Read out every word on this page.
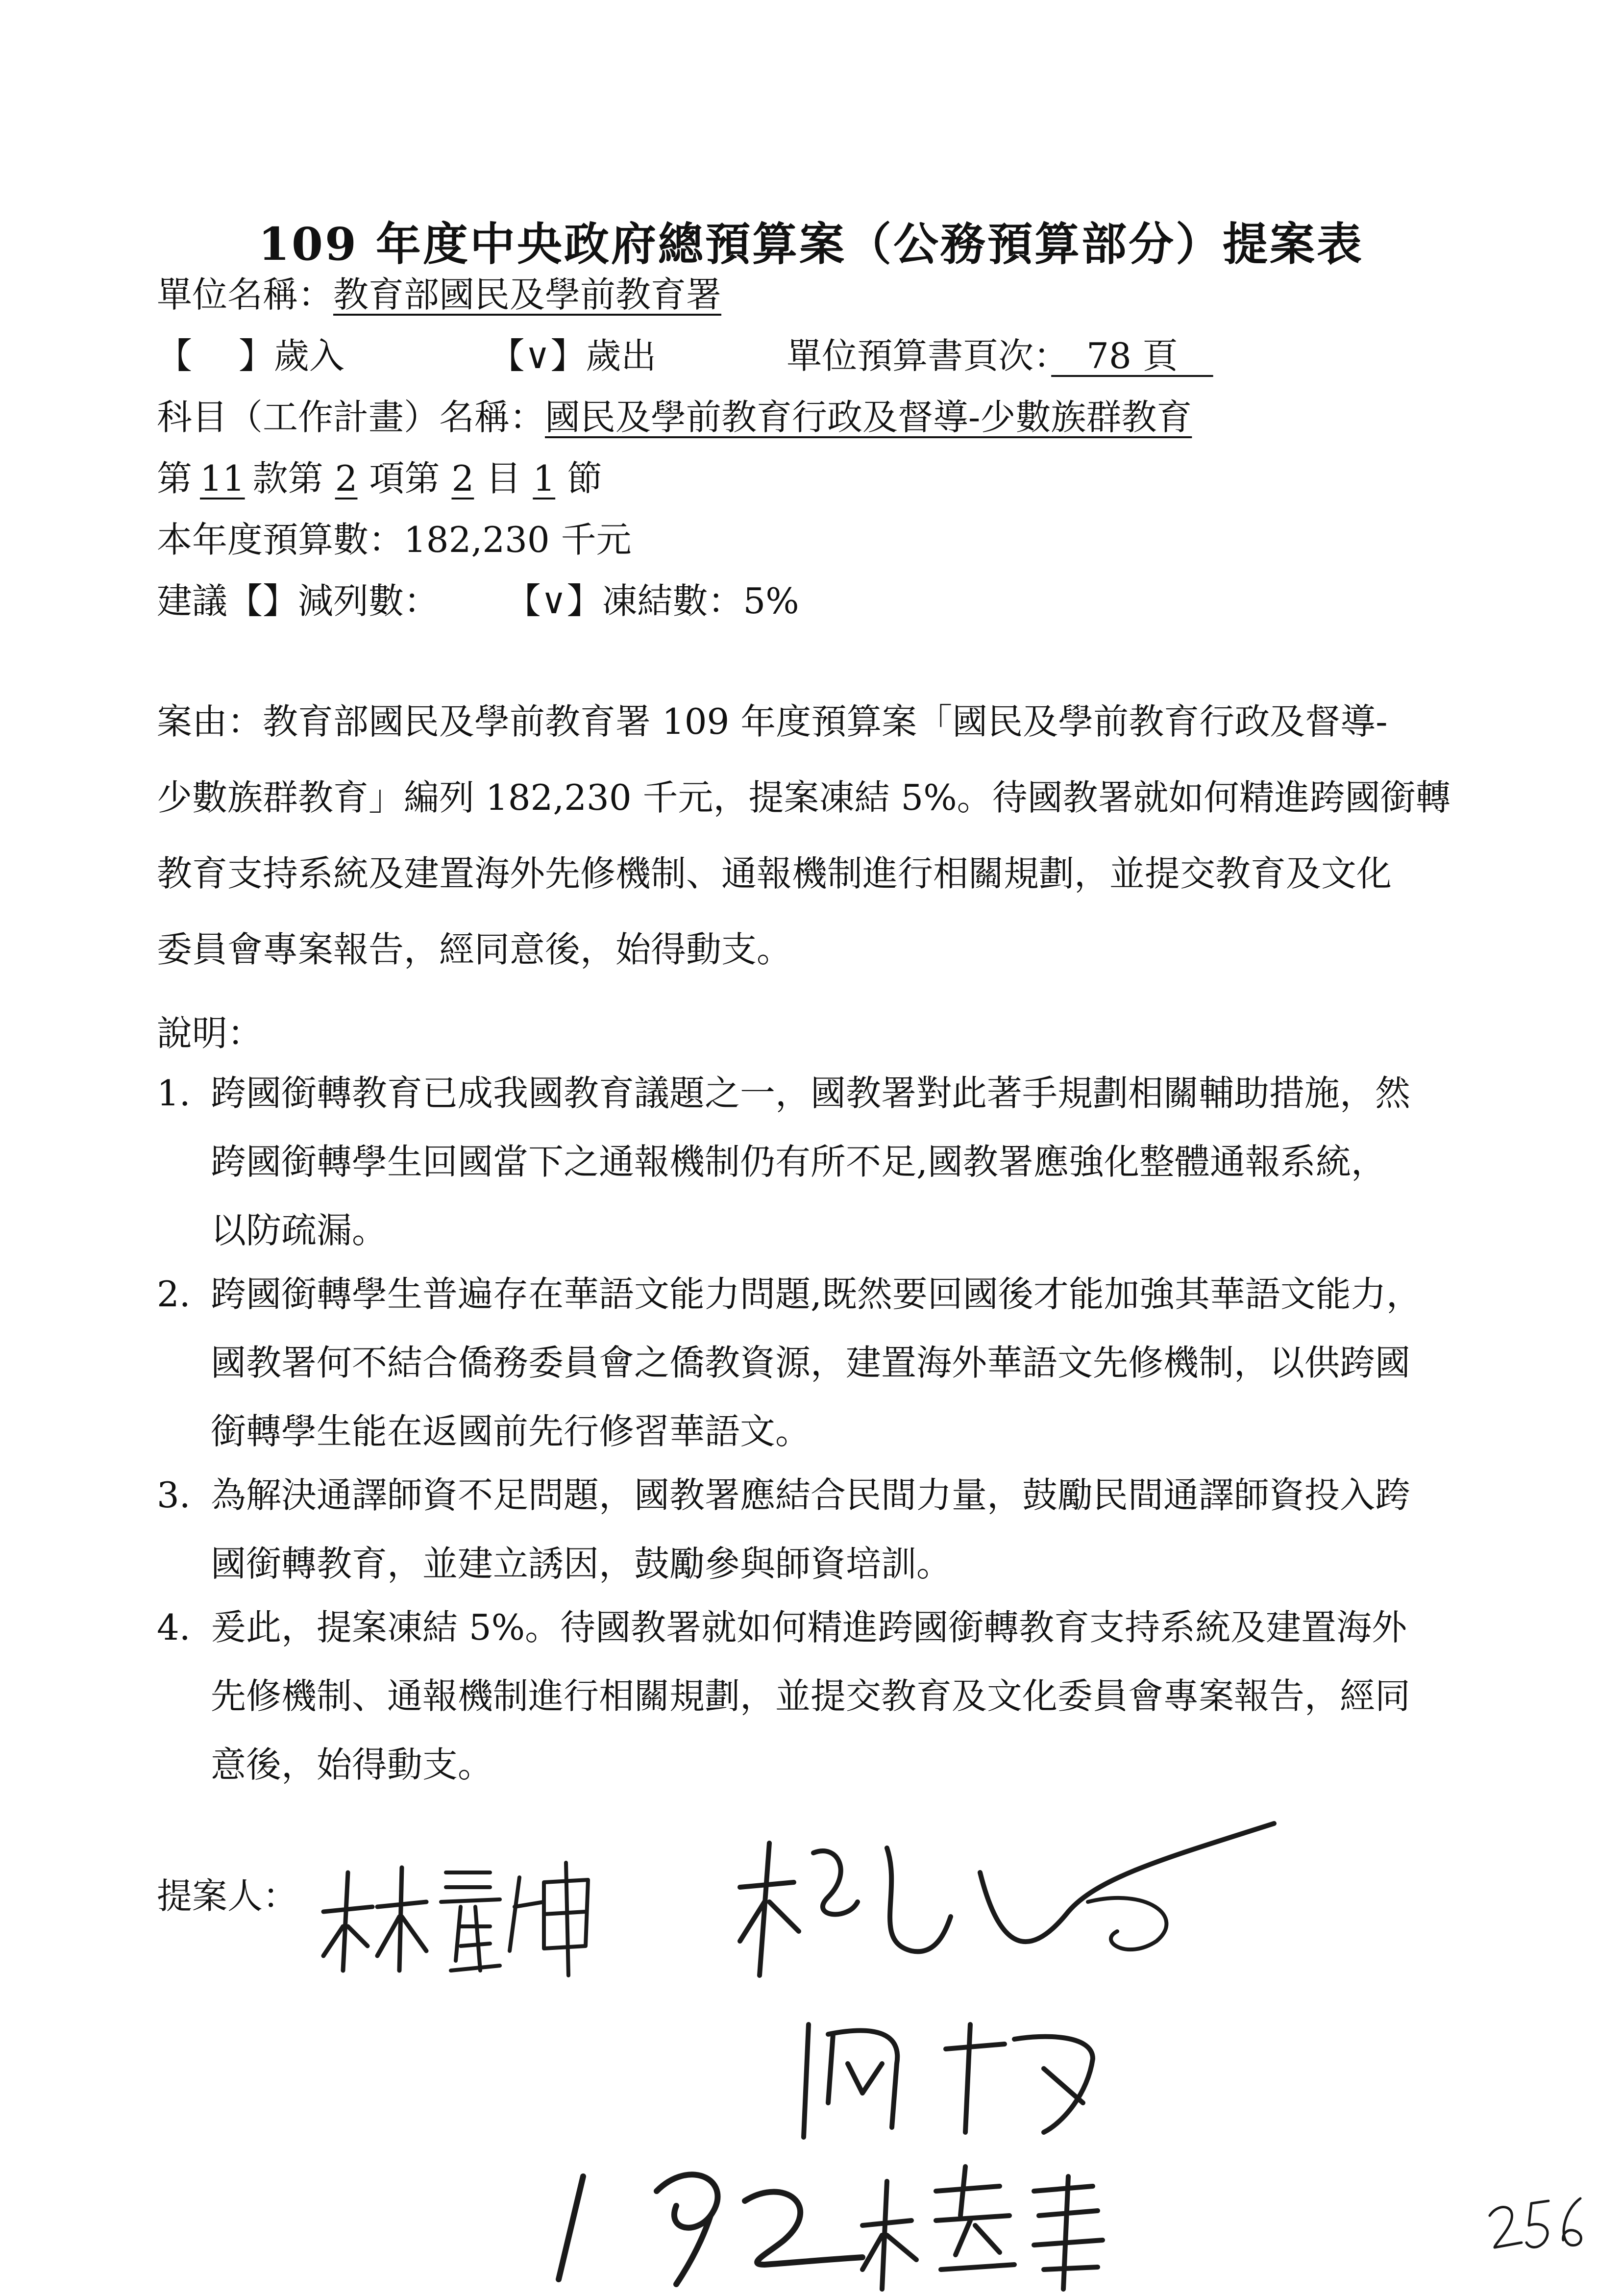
109 年度中央政府總預算案（公務預算部分）提案表
單位名稱：教育部國民及學前教育署
【　 】歲入	【∨】歲出	單位預算書頁次：　78 頁　
科目（工作計畫）名稱：國民及學前教育行政及督導-少數族群教育
第 11 款第 2 項第 2 目 1 節
本年度預算數：182,230 千元
建議【】減列數： 【∨】凍結數：5%
案由：教育部國民及學前教育署 109 年度預算案「國民及學前教育行政及督導-
少數族群教育」編列 182,230 千元，提案凍結 5%。待國教署就如何精進跨國銜轉
教育支持系統及建置海外先修機制、通報機制進行相關規劃，並提交教育及文化
委員會專案報告，經同意後，始得動支。
說明：
1. 跨國銜轉教育已成我國教育議題之一，國教署對此著手規劃相關輔助措施，然
跨國銜轉學生回國當下之通報機制仍有所不足,國教署應強化整體通報系統，
以防疏漏。
2. 跨國銜轉學生普遍存在華語文能力問題,既然要回國後才能加強其華語文能力，
國教署何不結合僑務委員會之僑教資源，建置海外華語文先修機制，以供跨國
銜轉學生能在返國前先行修習華語文。
3. 為解決通譯師資不足問題，國教署應結合民間力量，鼓勵民間通譯師資投入跨
國銜轉教育，並建立誘因，鼓勵參與師資培訓。
4. 爰此，提案凍結 5%。待國教署就如何精進跨國銜轉教育支持系統及建置海外
先修機制、通報機制進行相關規劃，並提交教育及文化委員會專案報告，經同
意後，始得動支。
提案人：
